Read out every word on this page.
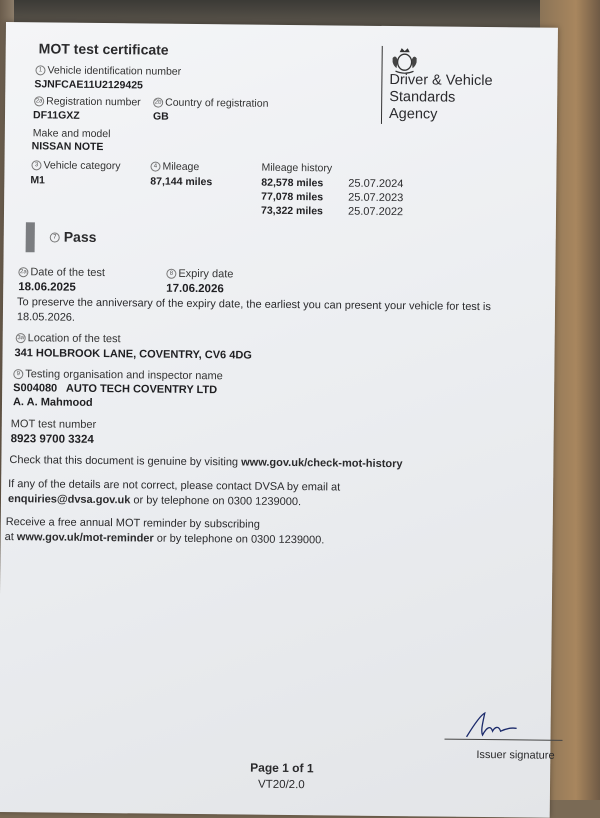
MOT test certificate
Driver & Vehicle
Standards
Agency
1 Vehicle identification number
SJNFCAE11U2129425
2a Registration number
DF11GXZ
2b Country of registration
GB
Make and model
NISSAN NOTE
3 Vehicle category
M1
4 Mileage
87,144 miles
Mileage history
82,578 miles 25.07.2024
77,078 miles 25.07.2023
73,322 miles 25.07.2022
7 Pass
2a Date of the test
18.06.2025
8 Expiry date
17.06.2026
To preserve the anniversary of the expiry date, the earliest you can present your vehicle for test is
18.05.2026.
3a Location of the test
341 HOLBROOK LANE, COVENTRY, CV6 4DG
9 Testing organisation and inspector name
S004080   AUTO TECH COVENTRY LTD
A. A. Mahmood
MOT test number
8923 9700 3324
Check that this document is genuine by visiting www.gov.uk/check-mot-history
If any of the details are not correct, please contact DVSA by email at
enquiries@dvsa.gov.uk or by telephone on 0300 1239000.
Receive a free annual MOT reminder by subscribing
at www.gov.uk/mot-reminder or by telephone on 0300 1239000.
Issuer signature
Page 1 of 1
VT20/2.0
